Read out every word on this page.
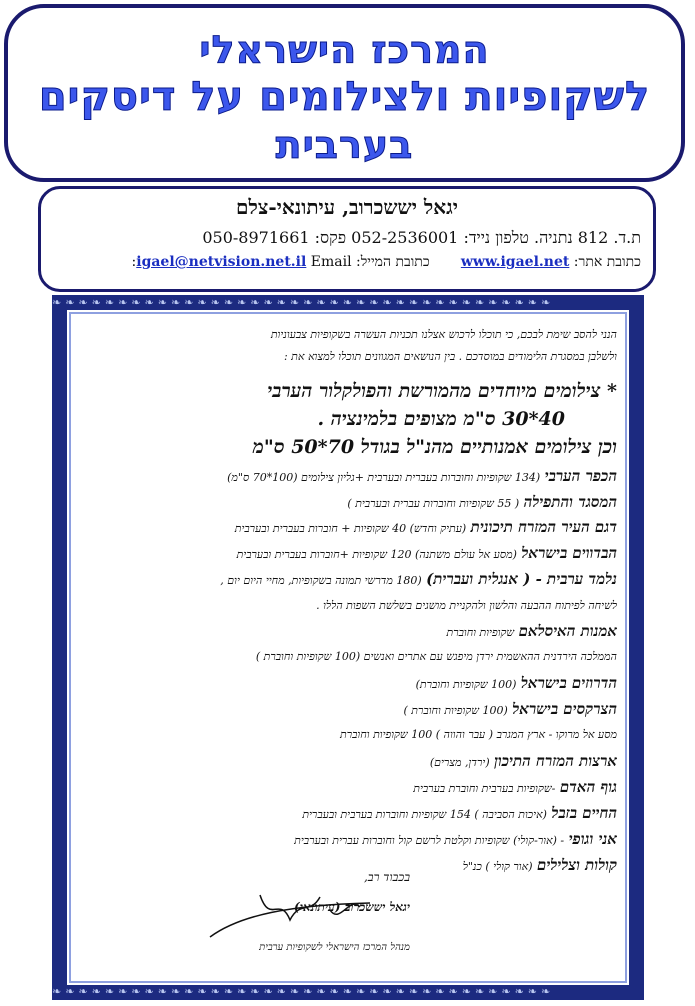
המרכז הישראלי
לשקופיות ולצילומים על דיסקים
בערבית
יגאל יששכרוב, עיתונאי-צלם
ת.ד. 812 נתניה. טלפון נייד: 052-2536001 פקס: 050-8971661
כתובת אתר: www.igael.net       כתובת המייל: igael@netvision.net.il Email:
❧❧❧❧❧❧❧❧❧❧❧❧❧❧❧❧❧❧❧❧❧❧❧❧❧❧❧❧❧❧❧❧❧❧❧❧❧❧
❧❧❧❧❧❧❧❧❧❧❧❧❧❧❧❧❧❧❧❧❧❧❧❧❧❧❧❧❧❧❧❧❧❧❧❧❧❧
הנני להסב שימת לבכם, כי תוכלו לרכוש אצלנו תכניות העשרה בשקופיות צבעוניות
ולשלבן במסגרת הלימודים במוסדכם . בין הנושאים המגוונים תוכלו למצוא את :
* צילומים מיוחדים מהמורשת והפולקלור הערבי
40*30 ס"מ מצופים בלמינציה .
וכן צילומים אמנותיים מהנ"ל בגודל 70*50 ס"מ
הכפר הערבי (134 שקופיות וחוברות בעברית ובערבית +גליון צילומים (100*70 ס"מ)
המסגד והתפילה ( 55 שקופיות וחוברות עברית ובערבית )
דגם העיר המזרח תיכונית (עתיק וחדש) 40 שקופיות + חוברות בעברית ובערבית
הבדווים בישראל (מסע אל עולם משתנה) 120 שקופיות +חוברות בעברית ובערבית
נלמד ערבית - ( אנגלית ועברית) (180 מדרשי תמונה בשקופיות, מחיי היום יום ,
לשיחה לפיתוח ההבעה והלשון ולהקניית מושגים בשלשת השפות הללו .
אמנות האיסלאם שקופיות וחוברת
הממלכה הירדנית ההאשמית ירדן מיפגש עם אתרים ואנשים (100 שקופיות וחוברת )
הדרוזים בישראל (100 שקופיות וחוברת)
הצרקסים בישראל (100 שקופיות וחוברת )
מסע אל מרוקו - ארץ המגרב ( עבר והווה ) 100 שקופיות וחוברת
ארצות המזרח התיכון (ירדן, מצרים)
גוף האדם -שקופיות בערבית וחוברת בערבית
החיים בזבל (איכות הסביבה ) 154 שקופיות וחוברות בערבית ובעברית
אני וגופי - (אור-קולי) שקופיות וקלטת לרשם קול וחוברות עברית ובערבית
קולות וצלילים (אור קולי ) כנ"ל
בכבוד רב,
יגאל יששכרוב (עיתונאי)
מנהל המרכז הישראלי לשקופיות ערבית
